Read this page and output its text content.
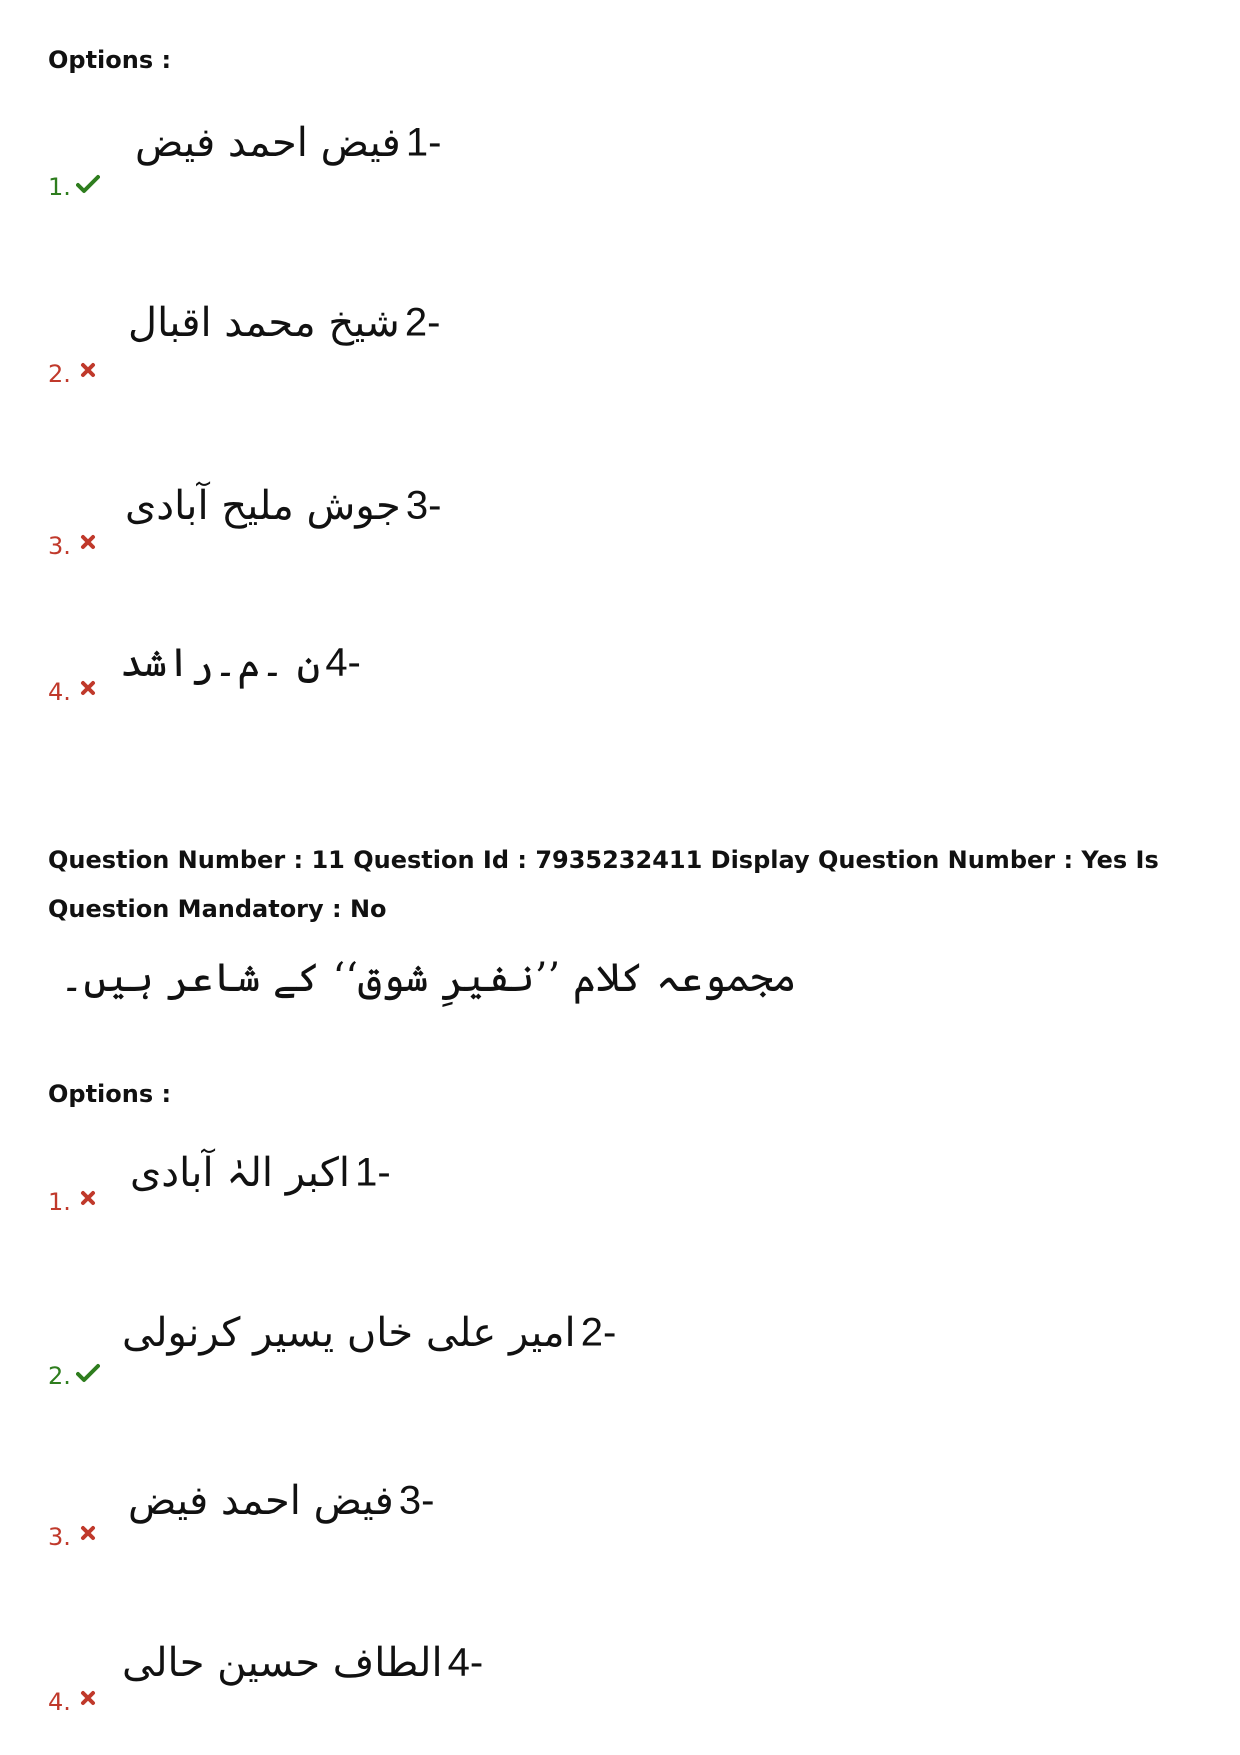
Options :
فیض احمد فیض 1-
1.
شیخ محمد اقبال 2-
2.
جوش ملیح آبادی 3-
3.
ن ۔م۔راشد 4-
4.
Question Number : 11 Question Id : 7935232411 Display Question Number : Yes Is Question Mandatory : No
مجموعہ کلام ’’نفیرِ شوق‘‘ کے شاعر ہیں۔
Options :
اکبر الہٰ آبادی 1-
1.
امیر علی خاں یسیر کرنولی 2-
2.
فیض احمد فیض 3-
3.
الطاف حسین حالی 4-
4.
